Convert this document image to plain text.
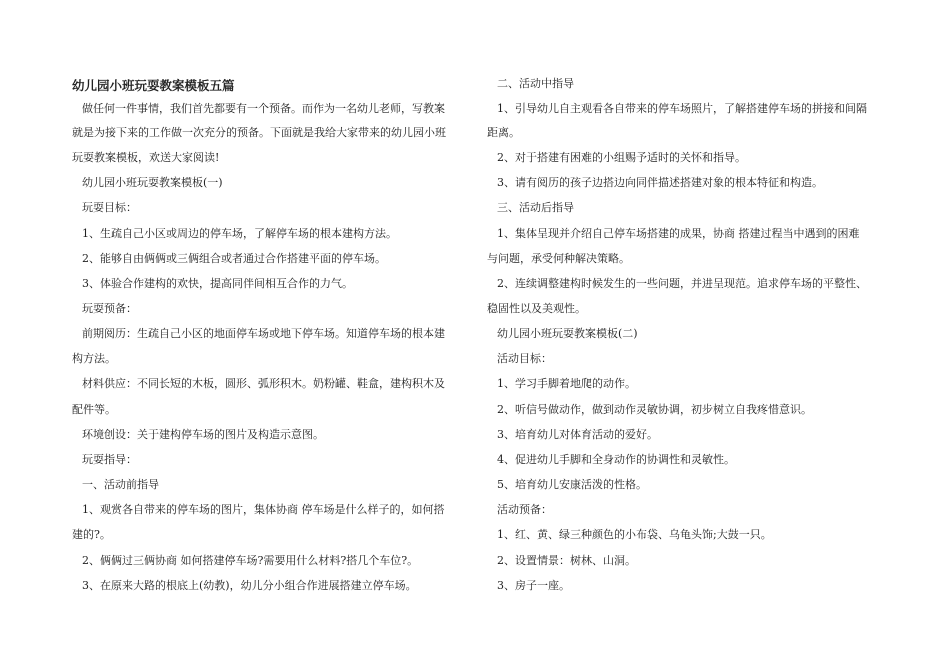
幼儿园小班玩耍教案模板五篇
做任何一件事情，我们首先都要有一个预备。而作为一名幼儿老师，写教案
就是为接下来的工作做一次充分的预备。下面就是我给大家带来的幼儿园小班
玩耍教案模板，欢送大家阅读!
幼儿园小班玩耍教案模板(一)
玩耍目标：
1、生疏自己小区或周边的停车场，了解停车场的根本建构方法。
2、能够自由俩俩或三俩组合或者通过合作搭建平面的停车场。
3、体验合作建构的欢快，提高同伴间相互合作的力气。
玩耍预备：
前期阅历：生疏自己小区的地面停车场或地下停车场。知道停车场的根本建
构方法。
材料供应：不同长短的木板，圆形、弧形积木。奶粉罐、鞋盒，建构积木及
配件等。
环境创设：关于建构停车场的图片及构造示意图。
玩耍指导：
一、活动前指导
1、观赏各自带来的停车场的图片，集体协商 停车场是什么样子的，如何搭
建的?。
2、俩俩过三俩协商 如何搭建停车场?需要用什么材料?搭几个车位?。
3、在原来大路的根底上(幼教)，幼儿分小组合作进展搭建立停车场。
二、活动中指导
1、引导幼儿自主观看各自带来的停车场照片，了解搭建停车场的拼接和间隔
距离。
2、对于搭建有困难的小组赐予适时的关怀和指导。
3、请有阅历的孩子边搭边向同伴描述搭建对象的根本特征和构造。
三、活动后指导
1、集体呈现并介绍自己停车场搭建的成果，协商 搭建过程当中遇到的困难
与问题，承受何种解决策略。
2、连续调整建构时候发生的一些问题，并进呈现范。追求停车场的平整性、
稳固性以及美观性。
幼儿园小班玩耍教案模板(二)
活动目标：
1、学习手脚着地爬的动作。
2、听信号做动作，做到动作灵敏协调，初步树立自我疼惜意识。
3、培育幼儿对体育活动的爱好。
4、促进幼儿手脚和全身动作的协调性和灵敏性。
5、培育幼儿安康活泼的性格。
活动预备：
1、红、黄、绿三种颜色的小布袋、乌龟头饰;大鼓一只。
2、设置情景：树林、山洞。
3、房子一座。
